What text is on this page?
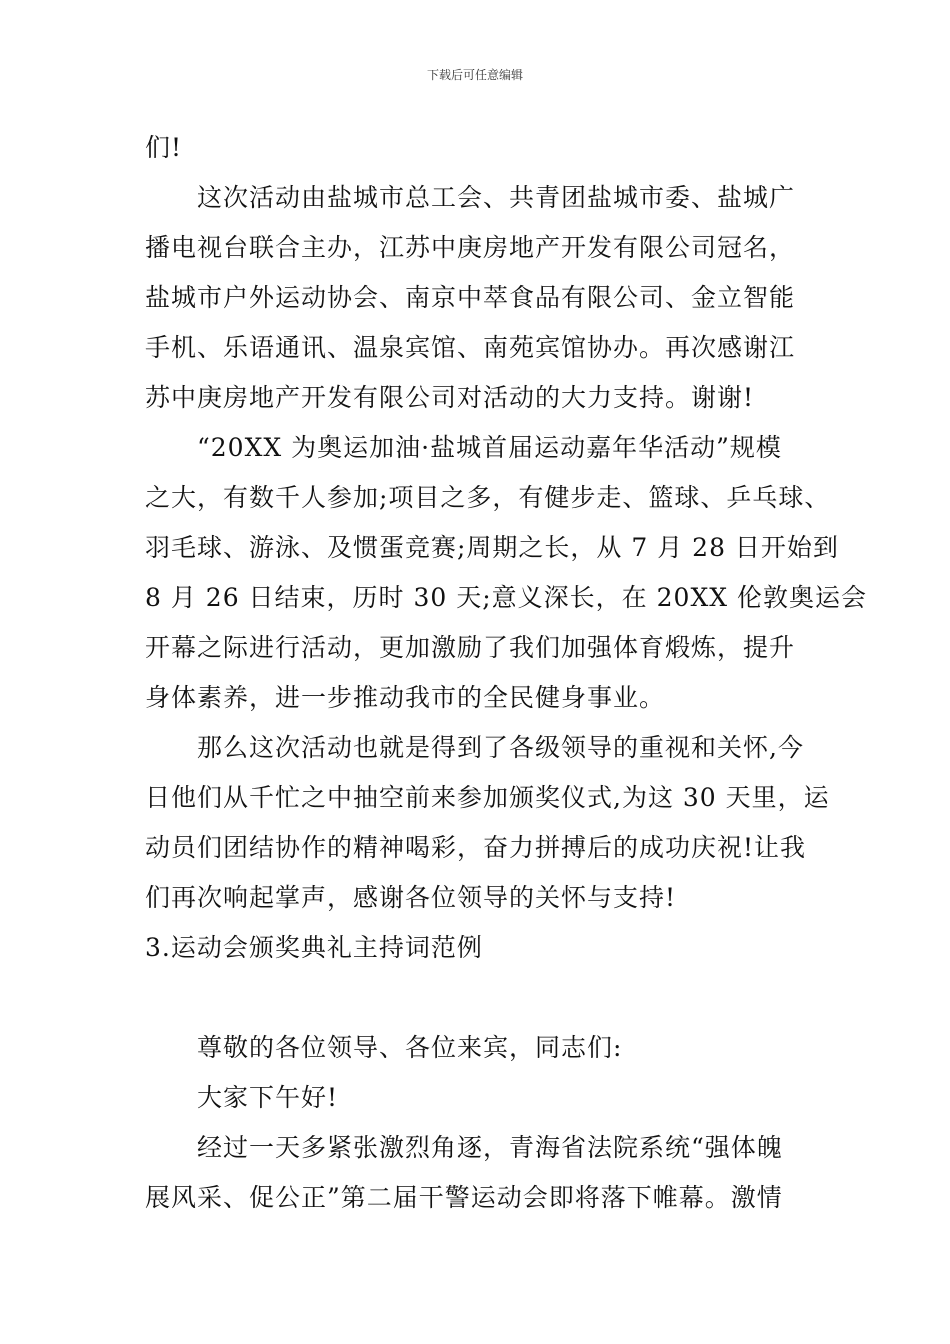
下载后可任意编辑
们!
这次活动由盐城市总工会、共青团盐城市委、盐城广
播电视台联合主办，江苏中庚房地产开发有限公司冠名，
盐城市户外运动协会、南京中萃食品有限公司、金立智能
手机、乐语通讯、温泉宾馆、南苑宾馆协办。再次感谢江
苏中庚房地产开发有限公司对活动的大力支持。谢谢!
“20XX 为奥运加油·盐城首届运动嘉年华活动”规模
之大，有数千人参加;项目之多，有健步走、篮球、乒乓球、
羽毛球、游泳、及惯蛋竞赛;周期之长，从 7 月 28 日开始到
8 月 26 日结束，历时 30 天;意义深长，在 20XX 伦敦奥运会
开幕之际进行活动，更加激励了我们加强体育煅炼，提升
身体素养，进一步推动我市的全民健身事业。
那么这次活动也就是得到了各级领导的重视和关怀,今
日他们从千忙之中抽空前来参加颁奖仪式,为这 30 天里，运
动员们团结协作的精神喝彩，奋力拼搏后的成功庆祝!让我
们再次响起掌声，感谢各位领导的关怀与支持!
3.运动会颁奖典礼主持词范例
尊敬的各位领导、各位来宾，同志们:
大家下午好!
经过一天多紧张激烈角逐，青海省法院系统“强体魄
展风采、促公正”第二届干警运动会即将落下帷幕。激情
